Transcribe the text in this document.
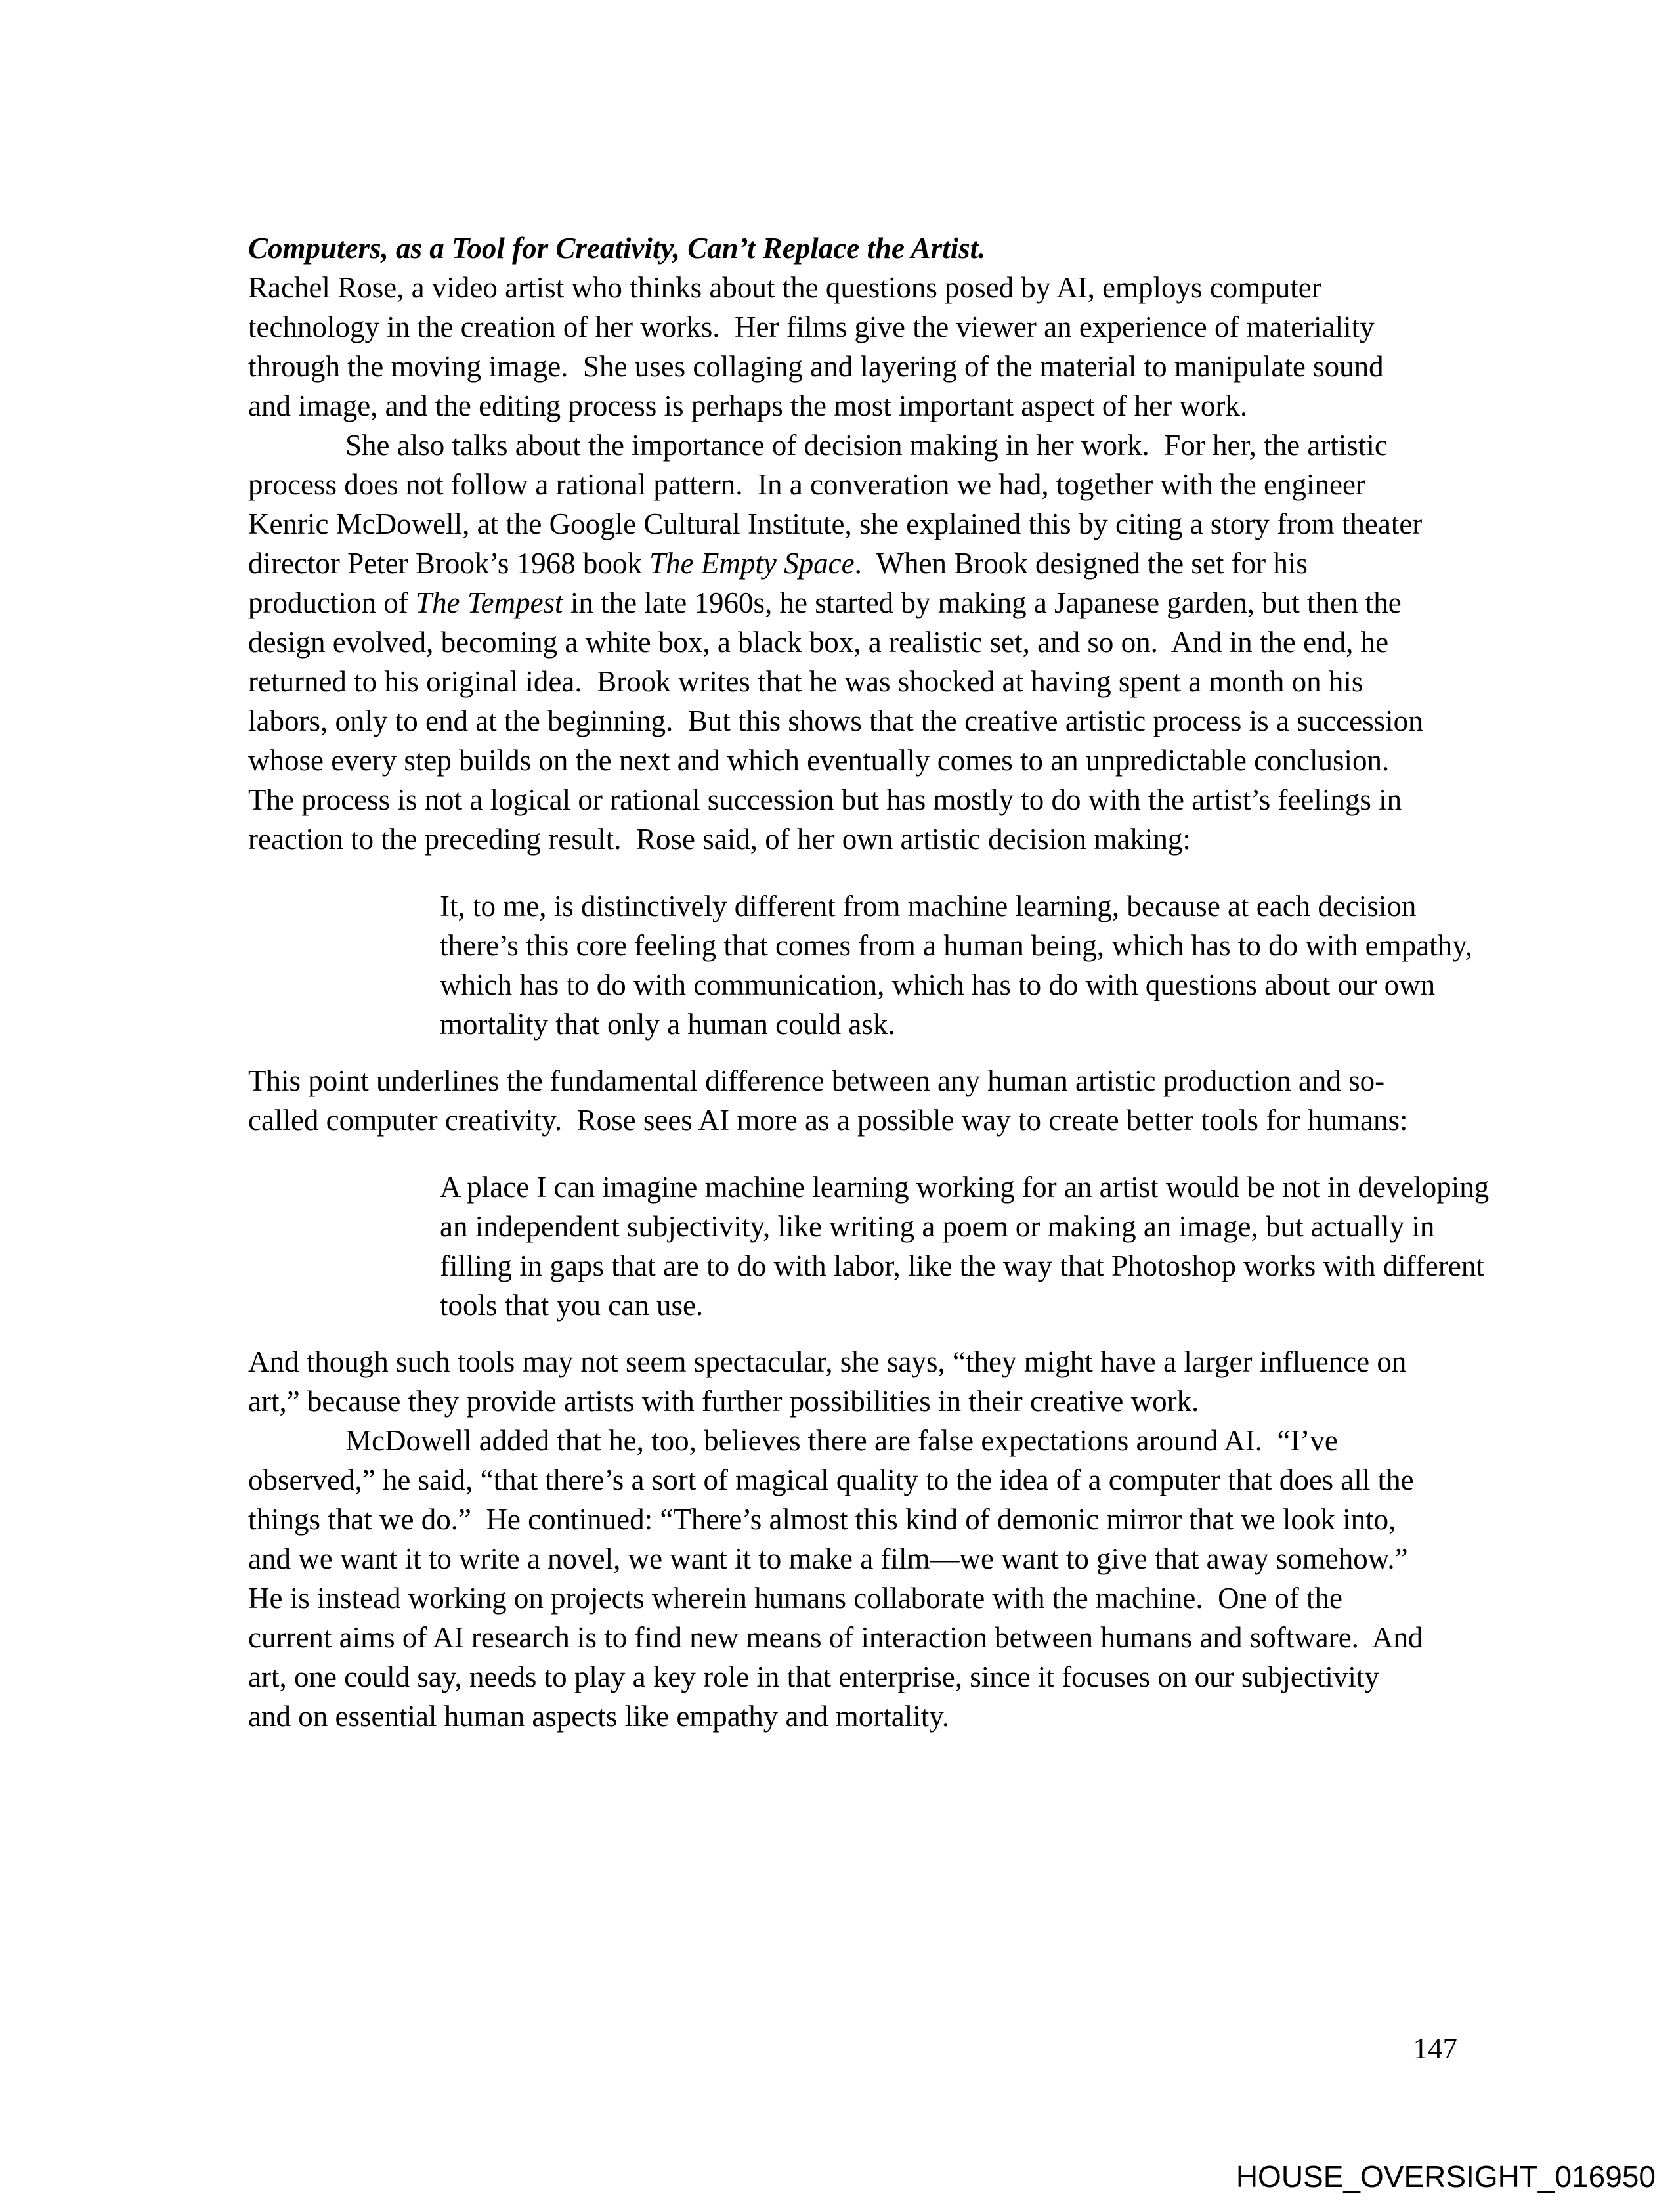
Computers, as a Tool for Creativity, Can’t Replace the Artist.

Rachel Rose, a video artist who thinks about the questions posed by AI, employs computer technology in the creation of her works.  Her films give the viewer an experience of materiality through the moving image.  She uses collaging and layering of the material to manipulate sound and image, and the editing process is perhaps the most important aspect of her work.

She also talks about the importance of decision making in her work.  For her, the artistic process does not follow a rational pattern.  In a converation we had, together with the engineer Kenric McDowell, at the Google Cultural Institute, she explained this by citing a story from theater director Peter Brook’s 1968 book The Empty Space.  When Brook designed the set for his production of The Tempest in the late 1960s, he started by making a Japanese garden, but then the design evolved, becoming a white box, a black box, a realistic set, and so on.  And in the end, he returned to his original idea.  Brook writes that he was shocked at having spent a month on his labors, only to end at the beginning.  But this shows that the creative artistic process is a succession whose every step builds on the next and which eventually comes to an unpredictable conclusion.  The process is not a logical or rational succession but has mostly to do with the artist’s feelings in reaction to the preceding result.  Rose said, of her own artistic decision making:

It, to me, is distinctively different from machine learning, because at each decision there’s this core feeling that comes from a human being, which has to do with empathy, which has to do with communication, which has to do with questions about our own mortality that only a human could ask.

This point underlines the fundamental difference between any human artistic production and so-called computer creativity.  Rose sees AI more as a possible way to create better tools for humans:

A place I can imagine machine learning working for an artist would be not in developing an independent subjectivity, like writing a poem or making an image, but actually in filling in gaps that are to do with labor, like the way that Photoshop works with different tools that you can use.

And though such tools may not seem spectacular, she says, “they might have a larger influence on art,” because they provide artists with further possibilities in their creative work.

McDowell added that he, too, believes there are false expectations around AI.  “I’ve observed,” he said, “that there’s a sort of magical quality to the idea of a computer that does all the things that we do.”  He continued: “There’s almost this kind of demonic mirror that we look into, and we want it to write a novel, we want it to make a film—we want to give that away somehow.”  He is instead working on projects wherein humans collaborate with the machine.  One of the current aims of AI research is to find new means of interaction between humans and software.  And art, one could say, needs to play a key role in that enterprise, since it focuses on our subjectivity and on essential human aspects like empathy and mortality.

147
HOUSE_OVERSIGHT_016950
